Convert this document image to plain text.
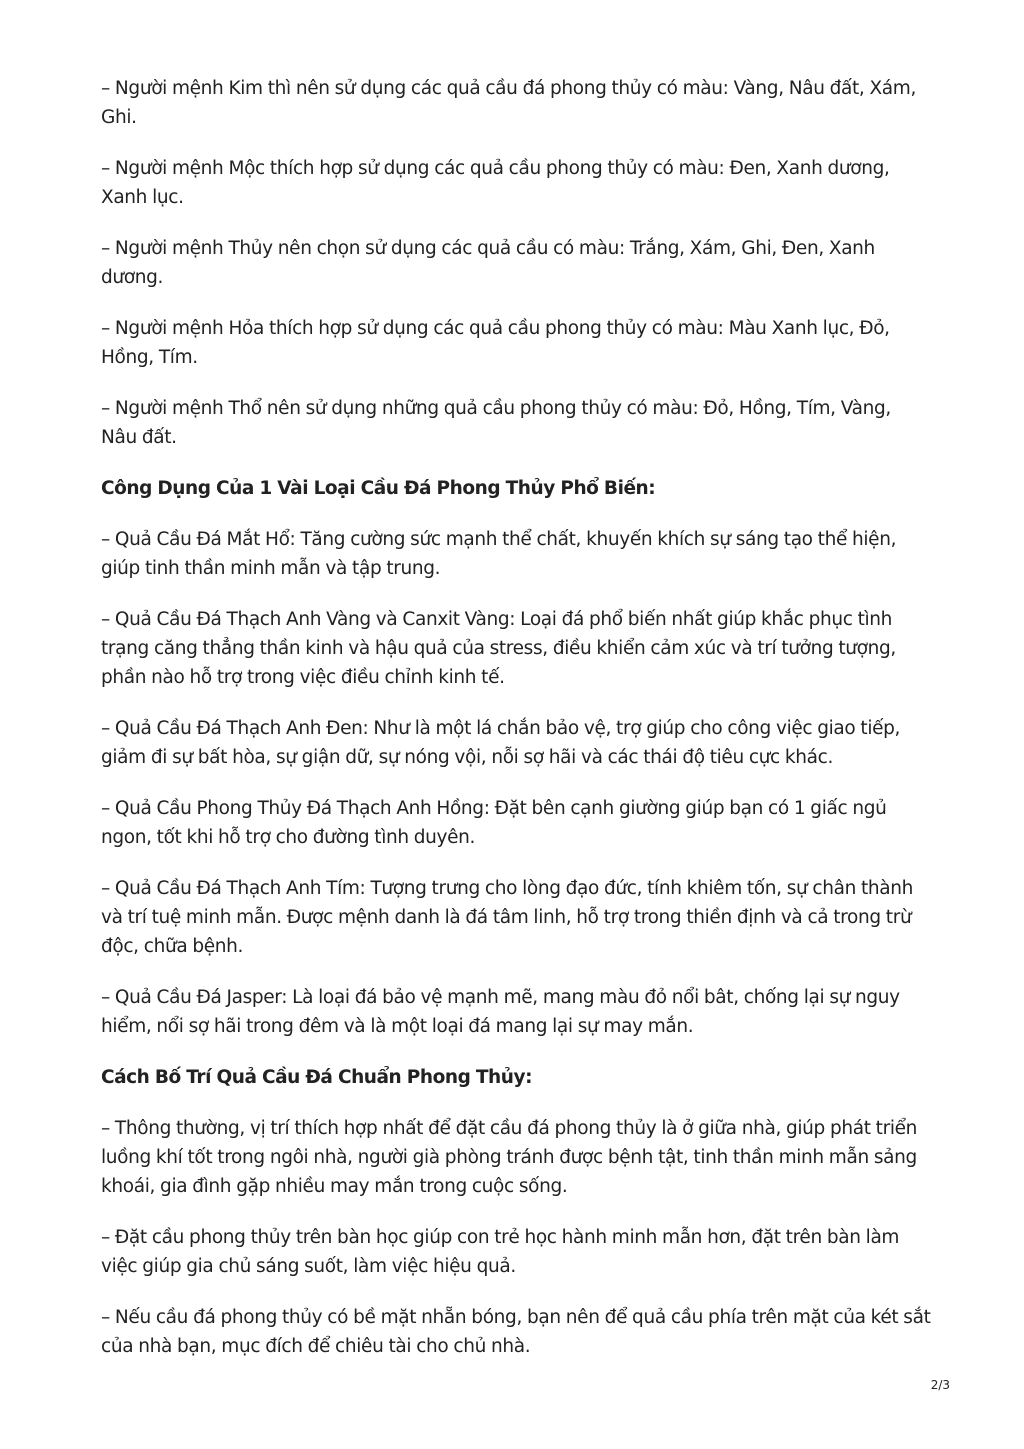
– Người mệnh Kim thì nên sử dụng các quả cầu đá phong thủy có màu: Vàng, Nâu đất, Xám, Ghi.

– Người mệnh Mộc thích hợp sử dụng các quả cầu phong thủy có màu: Đen, Xanh dương, Xanh lục.

– Người mệnh Thủy nên chọn sử dụng các quả cầu có màu: Trắng, Xám, Ghi, Đen, Xanh dương.

– Người mệnh Hỏa thích hợp sử dụng các quả cầu phong thủy có màu: Màu Xanh lục, Đỏ, Hồng, Tím.

– Người mệnh Thổ nên sử dụng những quả cầu phong thủy có màu: Đỏ, Hồng, Tím, Vàng, Nâu đất.

Công Dụng Của 1 Vài Loại Cầu Đá Phong Thủy Phổ Biến:

– Quả Cầu Đá Mắt Hổ: Tăng cường sức mạnh thể chất, khuyến khích sự sáng tạo thể hiện, giúp tinh thần minh mẫn và tập trung.

– Quả Cầu Đá Thạch Anh Vàng và Canxit Vàng: Loại đá phổ biến nhất giúp khắc phục tình trạng căng thẳng thần kinh và hậu quả của stress, điều khiển cảm xúc và trí tưởng tượng, phần nào hỗ trợ trong việc điều chỉnh kinh tế.

– Quả Cầu Đá Thạch Anh Đen: Như là một lá chắn bảo vệ, trợ giúp cho công việc giao tiếp, giảm đi sự bất hòa, sự giận dữ, sự nóng vội, nỗi sợ hãi và các thái độ tiêu cực khác.

– Quả Cầu Phong Thủy Đá Thạch Anh Hồng: Đặt bên cạnh giường giúp bạn có 1 giấc ngủ ngon, tốt khi hỗ trợ cho đường tình duyên.

– Quả Cầu Đá Thạch Anh Tím: Tượng trưng cho lòng đạo đức, tính khiêm tốn, sự chân thành và trí tuệ minh mẫn. Được mệnh danh là đá tâm linh, hỗ trợ trong thiền định và cả trong trừ độc, chữa bệnh.

– Quả Cầu Đá Jasper: Là loại đá bảo vệ mạnh mẽ, mang màu đỏ nổi bât, chống lại sự nguy hiểm, nổi sợ hãi trong đêm và là một loại đá mang lại sự may mắn.

Cách Bố Trí Quả Cầu Đá Chuẩn Phong Thủy:

– Thông thường, vị trí thích hợp nhất để đặt cầu đá phong thủy là ở giữa nhà, giúp phát triển luồng khí tốt trong ngôi nhà, người già phòng tránh được bệnh tật, tinh thần minh mẫn sảng khoái, gia đình gặp nhiều may mắn trong cuộc sống.

– Đặt cầu phong thủy trên bàn học giúp con trẻ học hành minh mẫn hơn, đặt trên bàn làm việc giúp gia chủ sáng suốt, làm việc hiệu quả.

– Nếu cầu đá phong thủy có bề mặt nhẵn bóng, bạn nên để quả cầu phía trên mặt của két sắt của nhà bạn, mục đích để chiêu tài cho chủ nhà.

2/3
